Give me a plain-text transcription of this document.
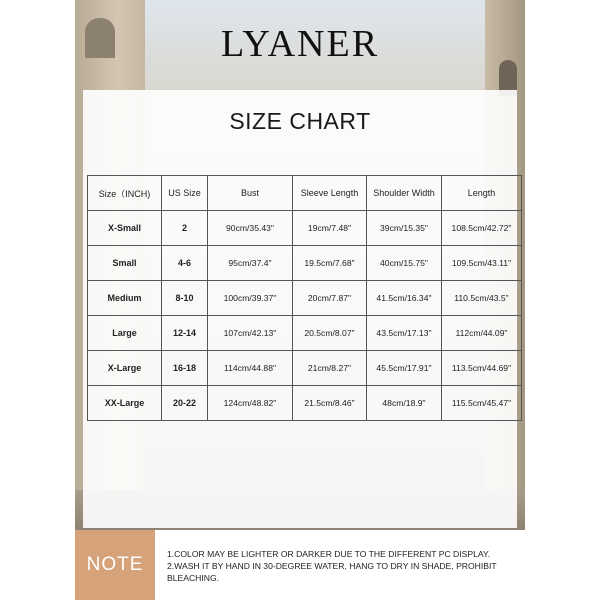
LYANER
SIZE CHART
Size（INCH)	US Size	Bust	Sleeve Length	Shoulder Width	Length
X-Small	2	90cm/35.43"	19cm/7.48"	39cm/15.35"	108.5cm/42.72"
Small	4-6	95cm/37.4"	19.5cm/7.68"	40cm/15.75"	109.5cm/43.11"
Medium	8-10	100cm/39.37"	20cm/7.87"	41.5cm/16.34"	110.5cm/43.5"
Large	12-14	107cm/42.13"	20.5cm/8.07"	43.5cm/17.13"	112cm/44.09"
X-Large	16-18	114cm/44.88"	21cm/8.27"	45.5cm/17.91"	113.5cm/44.69"
XX-Large	20-22	124cm/48.82"	21.5cm/8.46"	48cm/18.9"	115.5cm/45.47"
NOTE	1.COLOR MAY BE LIGHTER OR DARKER DUE TO THE DIFFERENT PC DISPLAY.
2.WASH IT BY HAND IN 30-DEGREE WATER, HANG TO DRY IN SHADE, PROHIBIT BLEACHING.
